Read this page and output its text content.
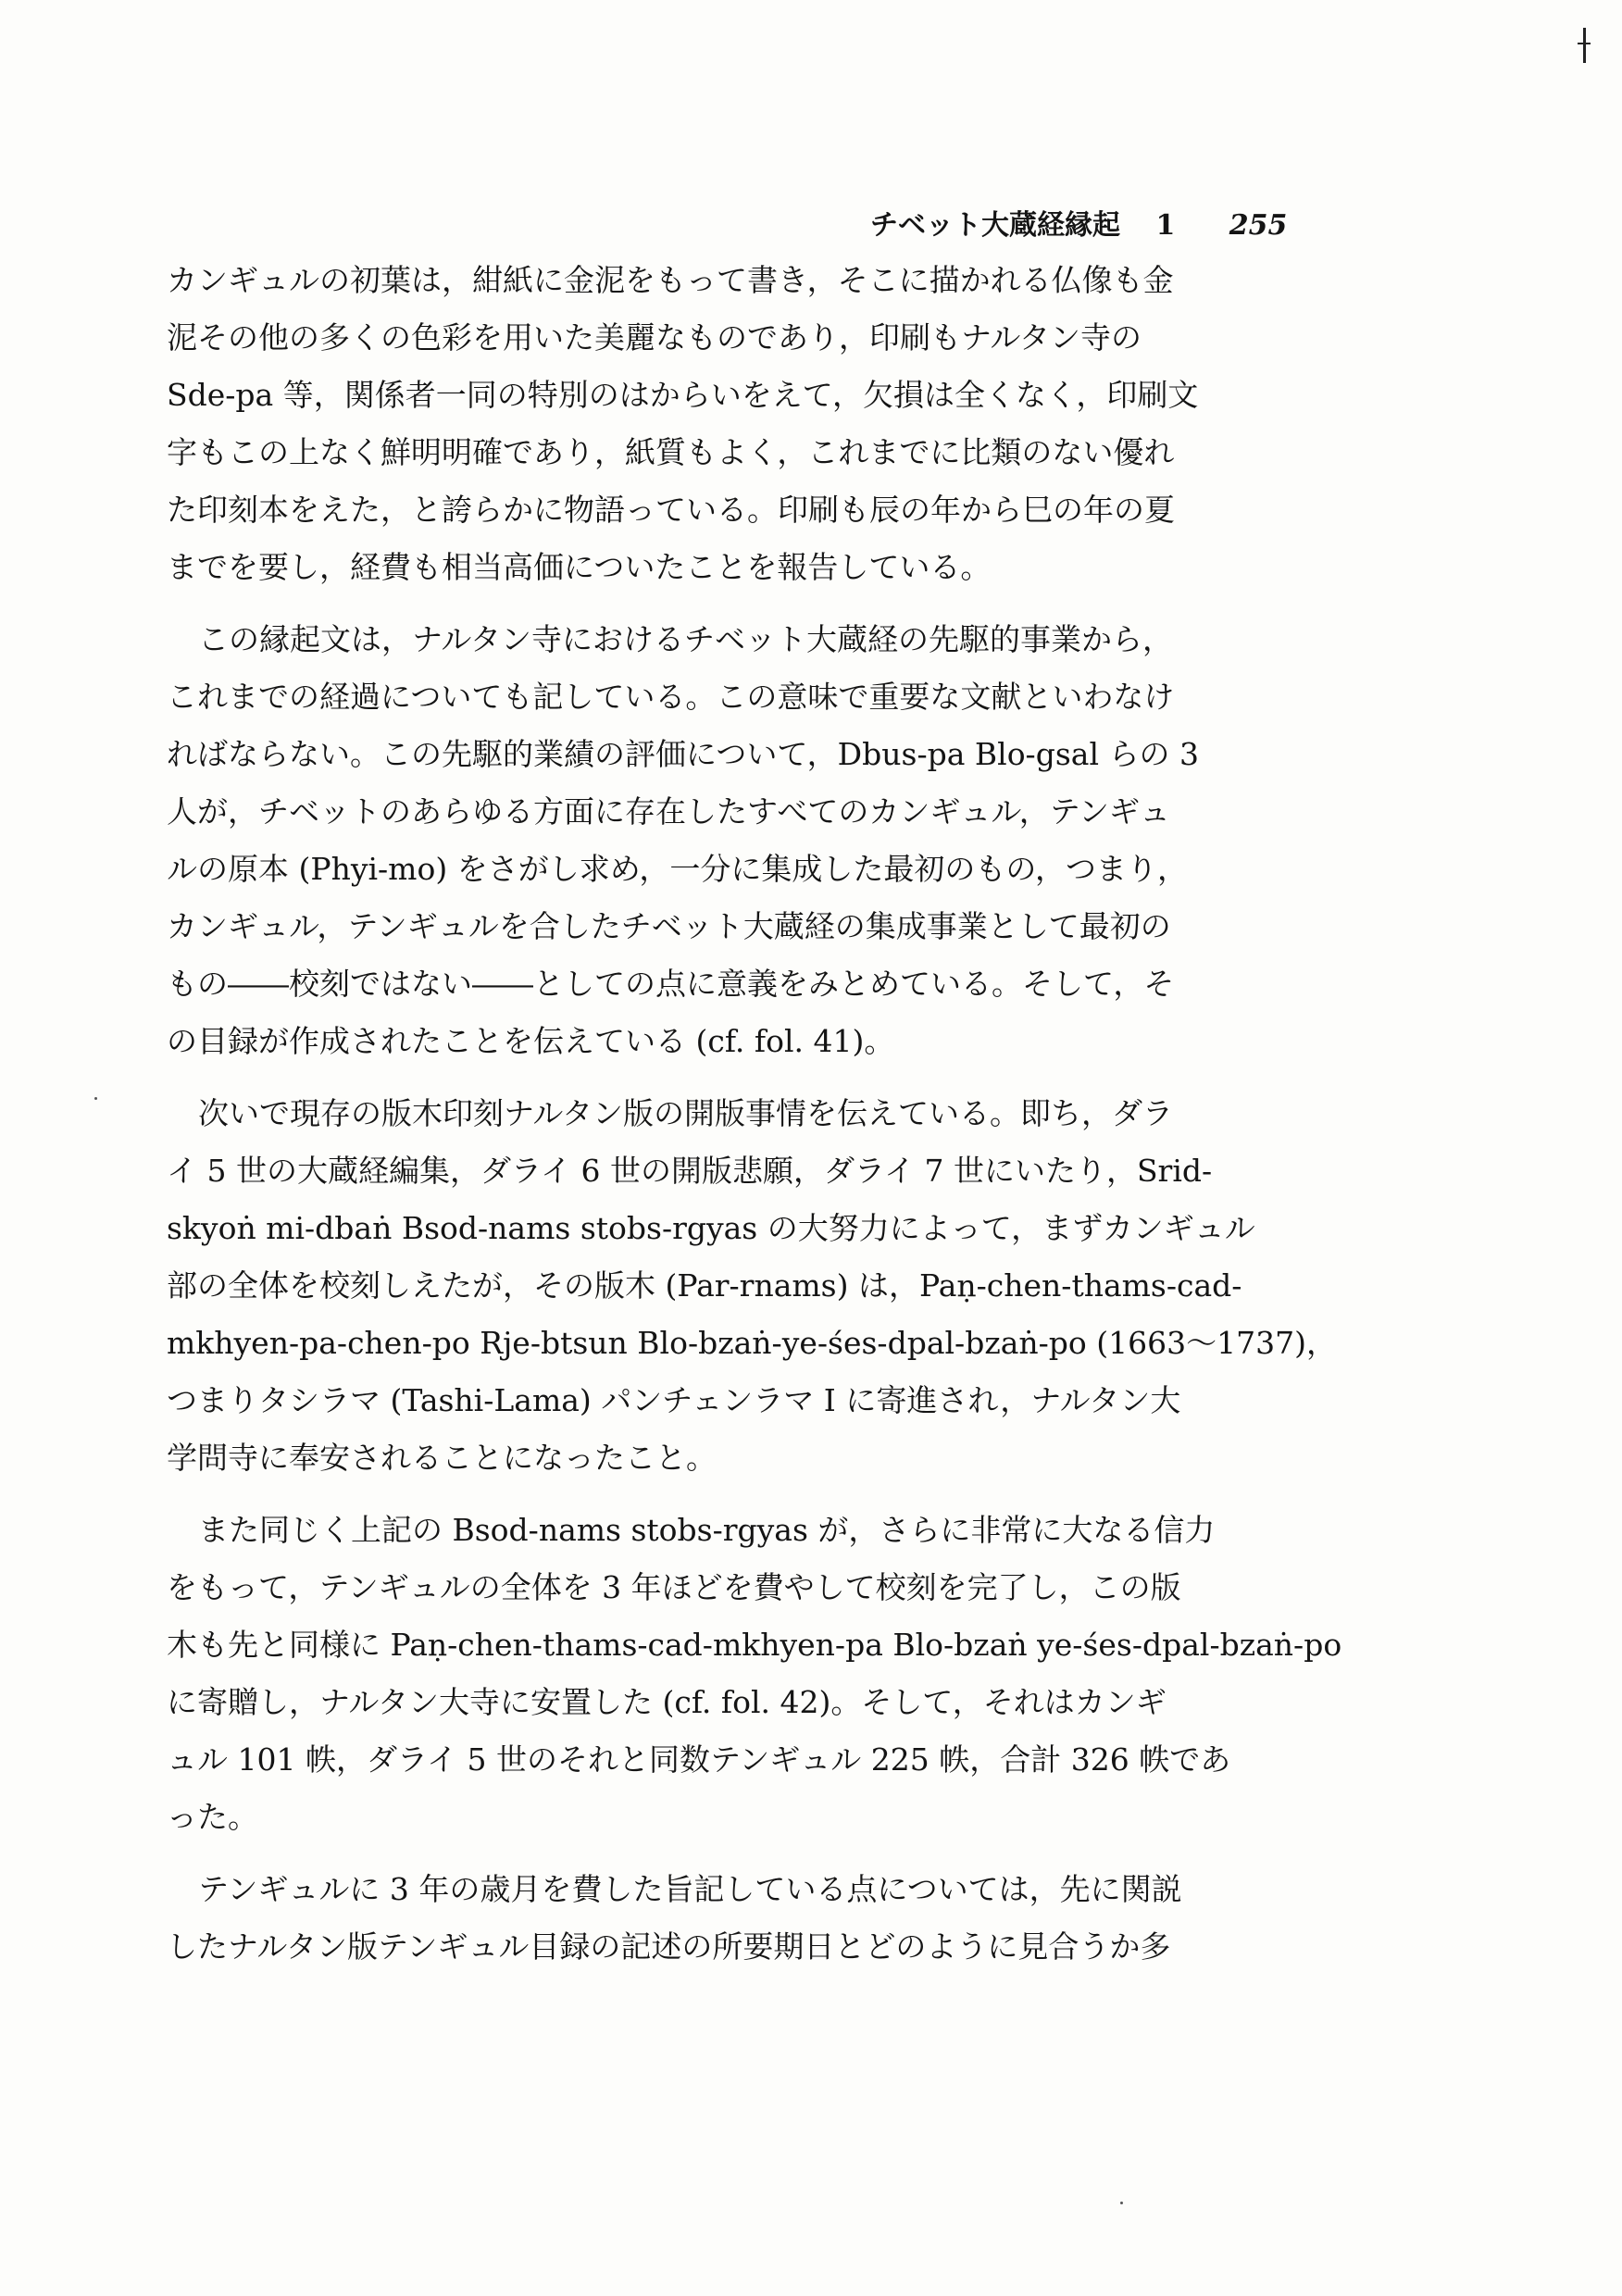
チベット大蔵経縁起 1 255
カンギュルの初葉は，紺紙に金泥をもって書き，そこに描かれる仏像も金
泥その他の多くの色彩を用いた美麗なものであり，印刷もナルタン寺の
Sde-pa 等，関係者一同の特別のはからいをえて，欠損は全くなく，印刷文
字もこの上なく鮮明明確であり，紙質もよく，これまでに比類のない優れ
た印刻本をえた，と誇らかに物語っている。印刷も辰の年から巳の年の夏
までを要し，経費も相当高価についたことを報告している。
この縁起文は，ナルタン寺におけるチベット大蔵経の先駆的事業から，
これまでの経過についても記している。この意味で重要な文献といわなけ
ればならない。この先駆的業績の評価について，Dbus-pa Blo-gsal らの 3
人が，チベットのあらゆる方面に存在したすべてのカンギュル，テンギュ
ルの原本 (Phyi-mo) をさがし求め，一分に集成した最初のもの，つまり，
カンギュル，テンギュルを合したチベット大蔵経の集成事業として最初の
もの――校刻ではない――としての点に意義をみとめている。そして，そ
の目録が作成されたことを伝えている (cf. fol. 41)。
次いで現存の版木印刻ナルタン版の開版事情を伝えている。即ち，ダラ
イ 5 世の大蔵経編集，ダライ 6 世の開版悲願，ダライ 7 世にいたり，Srid-
skyoṅ mi-dbaṅ Bsod-nams stobs-rgyas の大努力によって，まずカンギュル
部の全体を校刻しえたが，その版木 (Par-rnams) は，Paṇ-chen-thams-cad-
mkhyen-pa-chen-po Rje-btsun Blo-bzaṅ-ye-śes-dpal-bzaṅ-po (1663～1737)，
つまりタシラマ (Tashi-Lama) パンチェンラマ I に寄進され，ナルタン大
学問寺に奉安されることになったこと。
また同じく上記の Bsod-nams stobs-rgyas が，さらに非常に大なる信力
をもって，テンギュルの全体を 3 年ほどを費やして校刻を完了し，この版
木も先と同様に Paṇ-chen-thams-cad-mkhyen-pa Blo-bzaṅ ye-śes-dpal-bzaṅ-po
に寄贈し，ナルタン大寺に安置した (cf. fol. 42)。そして，それはカンギ
ュル 101 帙，ダライ 5 世のそれと同数テンギュル 225 帙，合計 326 帙であ
った。
テンギュルに 3 年の歳月を費した旨記している点については，先に関説
したナルタン版テンギュル目録の記述の所要期日とどのように見合うか多
